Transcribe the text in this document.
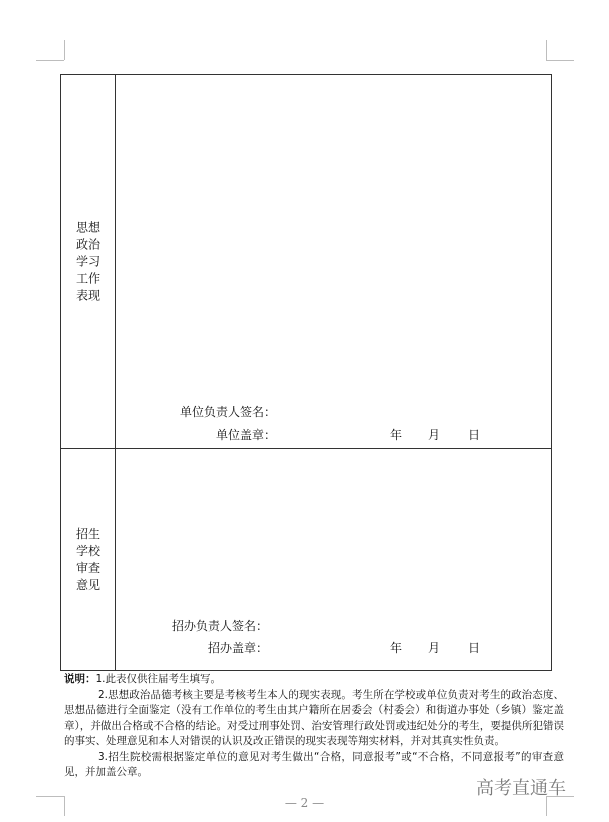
思想
政治
学习
工作
表现	单位负责人签名：
单位盖章： 年 月 日

招生
学校
审查
意见	招办负责人签名：
招办盖章： 年 月 日

说明：1.此表仅供往届考生填写。

2.思想政治品德考核主要是考核考生本人的现实表现。考生所在学校或单位负责对考生的政治态度、思想品德进行全面鉴定（没有工作单位的考生由其户籍所在居委会（村委会）和街道办事处（乡镇）鉴定盖章），并做出合格或不合格的结论。对受过刑事处罚、治安管理行政处罚或违纪处分的考生，要提供所犯错误的事实、处理意见和本人对错误的认识及改正错误的现实表现等翔实材料，并对其真实性负责。

3.招生院校需根据鉴定单位的意见对考生做出“合格，同意报考”或“不合格，不同意报考”的审查意见，并加盖公章。

— 2 —
高考直通车
